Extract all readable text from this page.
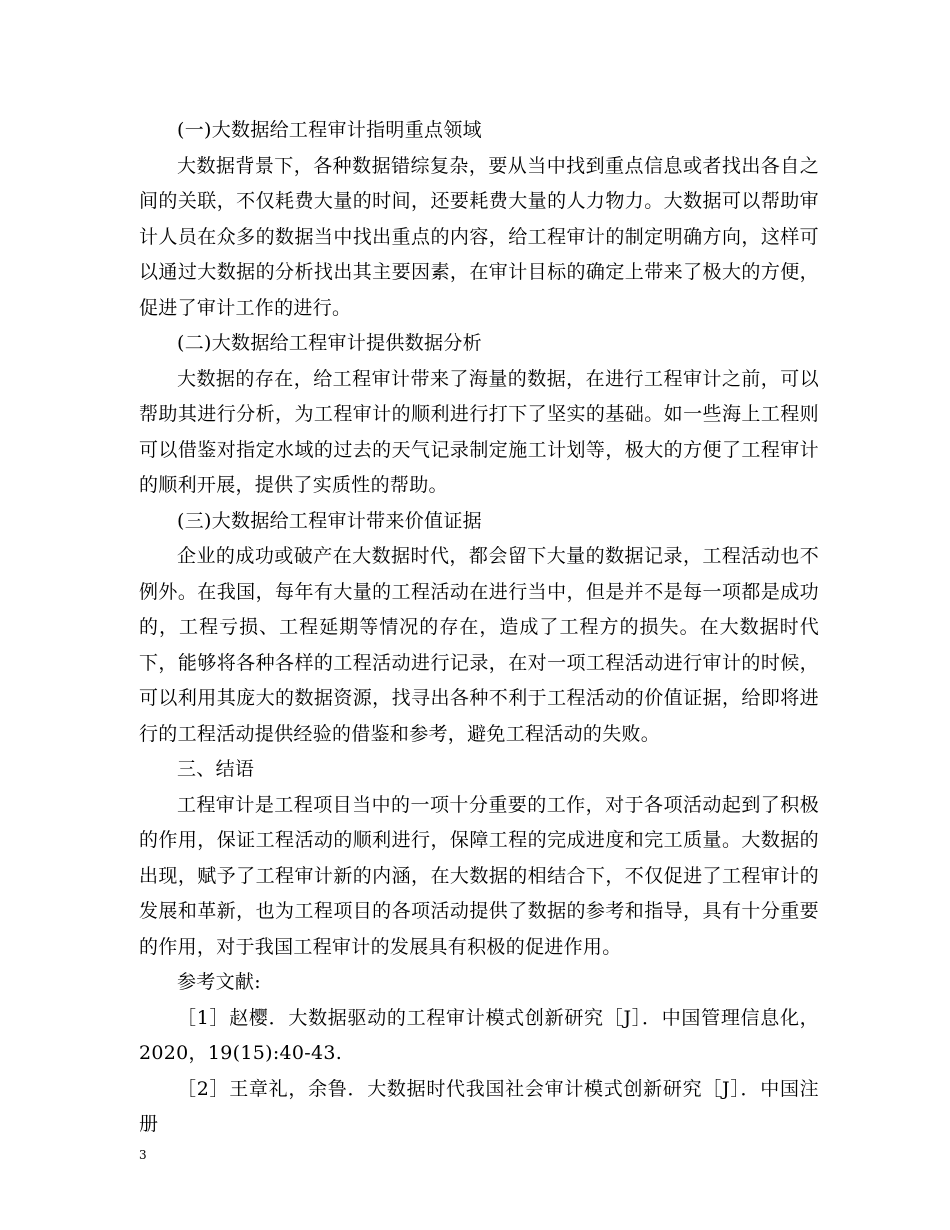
(一)大数据给工程审计指明重点领域

大数据背景下，各种数据错综复杂，要从当中找到重点信息或者找出各自之间的关联，不仅耗费大量的时间，还要耗费大量的人力物力。大数据可以帮助审计人员在众多的数据当中找出重点的内容，给工程审计的制定明确方向，这样可以通过大数据的分析找出其主要因素，在审计目标的确定上带来了极大的方便，促进了审计工作的进行。

(二)大数据给工程审计提供数据分析

大数据的存在，给工程审计带来了海量的数据，在进行工程审计之前，可以帮助其进行分析，为工程审计的顺利进行打下了坚实的基础。如一些海上工程则可以借鉴对指定水域的过去的天气记录制定施工计划等，极大的方便了工程审计的顺利开展，提供了实质性的帮助。

(三)大数据给工程审计带来价值证据

企业的成功或破产在大数据时代，都会留下大量的数据记录，工程活动也不例外。在我国，每年有大量的工程活动在进行当中，但是并不是每一项都是成功的，工程亏损、工程延期等情况的存在，造成了工程方的损失。在大数据时代下，能够将各种各样的工程活动进行记录，在对一项工程活动进行审计的时候，可以利用其庞大的数据资源，找寻出各种不利于工程活动的价值证据，给即将进行的工程活动提供经验的借鉴和参考，避免工程活动的失败。

三、结语

工程审计是工程项目当中的一项十分重要的工作，对于各项活动起到了积极的作用，保证工程活动的顺利进行，保障工程的完成进度和完工质量。大数据的出现，赋予了工程审计新的内涵，在大数据的相结合下，不仅促进了工程审计的发展和革新，也为工程项目的各项活动提供了数据的参考和指导，具有十分重要的作用，对于我国工程审计的发展具有积极的促进作用。

参考文献:

［1］赵樱．大数据驱动的工程审计模式创新研究［J］．中国管理信息化，2020，19(15):40-43.

［2］王章礼，余鲁．大数据时代我国社会审计模式创新研究［J］．中国注册

3
